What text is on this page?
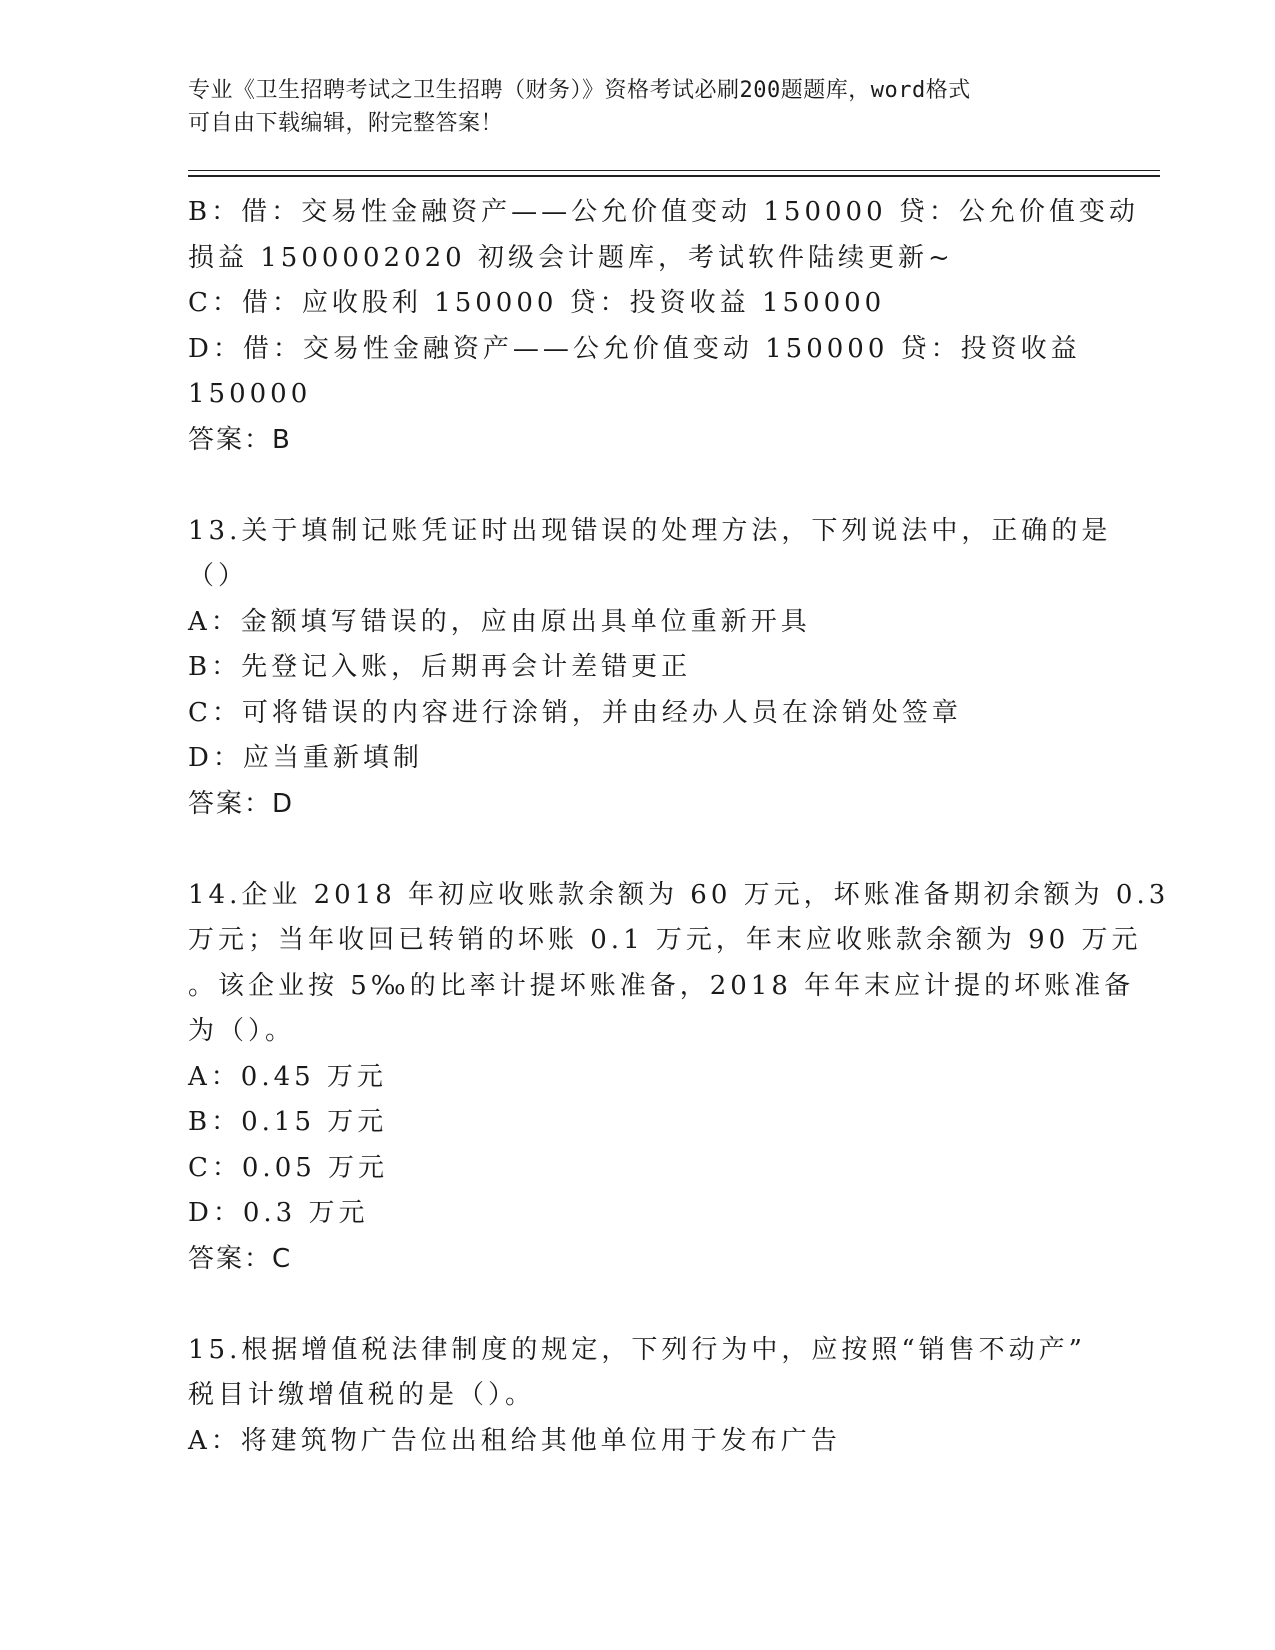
专业《卫生招聘考试之卫生招聘（财务）》资格考试必刷200题题库，word格式
可自由下载编辑，附完整答案！
B：借：交易性金融资产——公允价值变动 150000 贷：公允价值变动
损益 1500002020 初级会计题库，考试软件陆续更新~
C：借：应收股利 150000 贷：投资收益 150000
D：借：交易性金融资产——公允价值变动 150000 贷：投资收益
150000
答案：B
13.关于填制记账凭证时出现错误的处理方法，下列说法中，正确的是
（）
A：金额填写错误的，应由原出具单位重新开具
B：先登记入账，后期再会计差错更正
C：可将错误的内容进行涂销，并由经办人员在涂销处签章
D：应当重新填制
答案：D
14.企业 2018 年初应收账款余额为 60 万元，坏账准备期初余额为 0.3
万元；当年收回已转销的坏账 0.1 万元，年末应收账款余额为 90 万元
。该企业按 5‰的比率计提坏账准备，2018 年年末应计提的坏账准备
为（）。
A：0.45 万元
B：0.15 万元
C：0.05 万元
D：0.3 万元
答案：C
15.根据增值税法律制度的规定，下列行为中，应按照“销售不动产”
税目计缴增值税的是（）。
A：将建筑物广告位出租给其他单位用于发布广告
